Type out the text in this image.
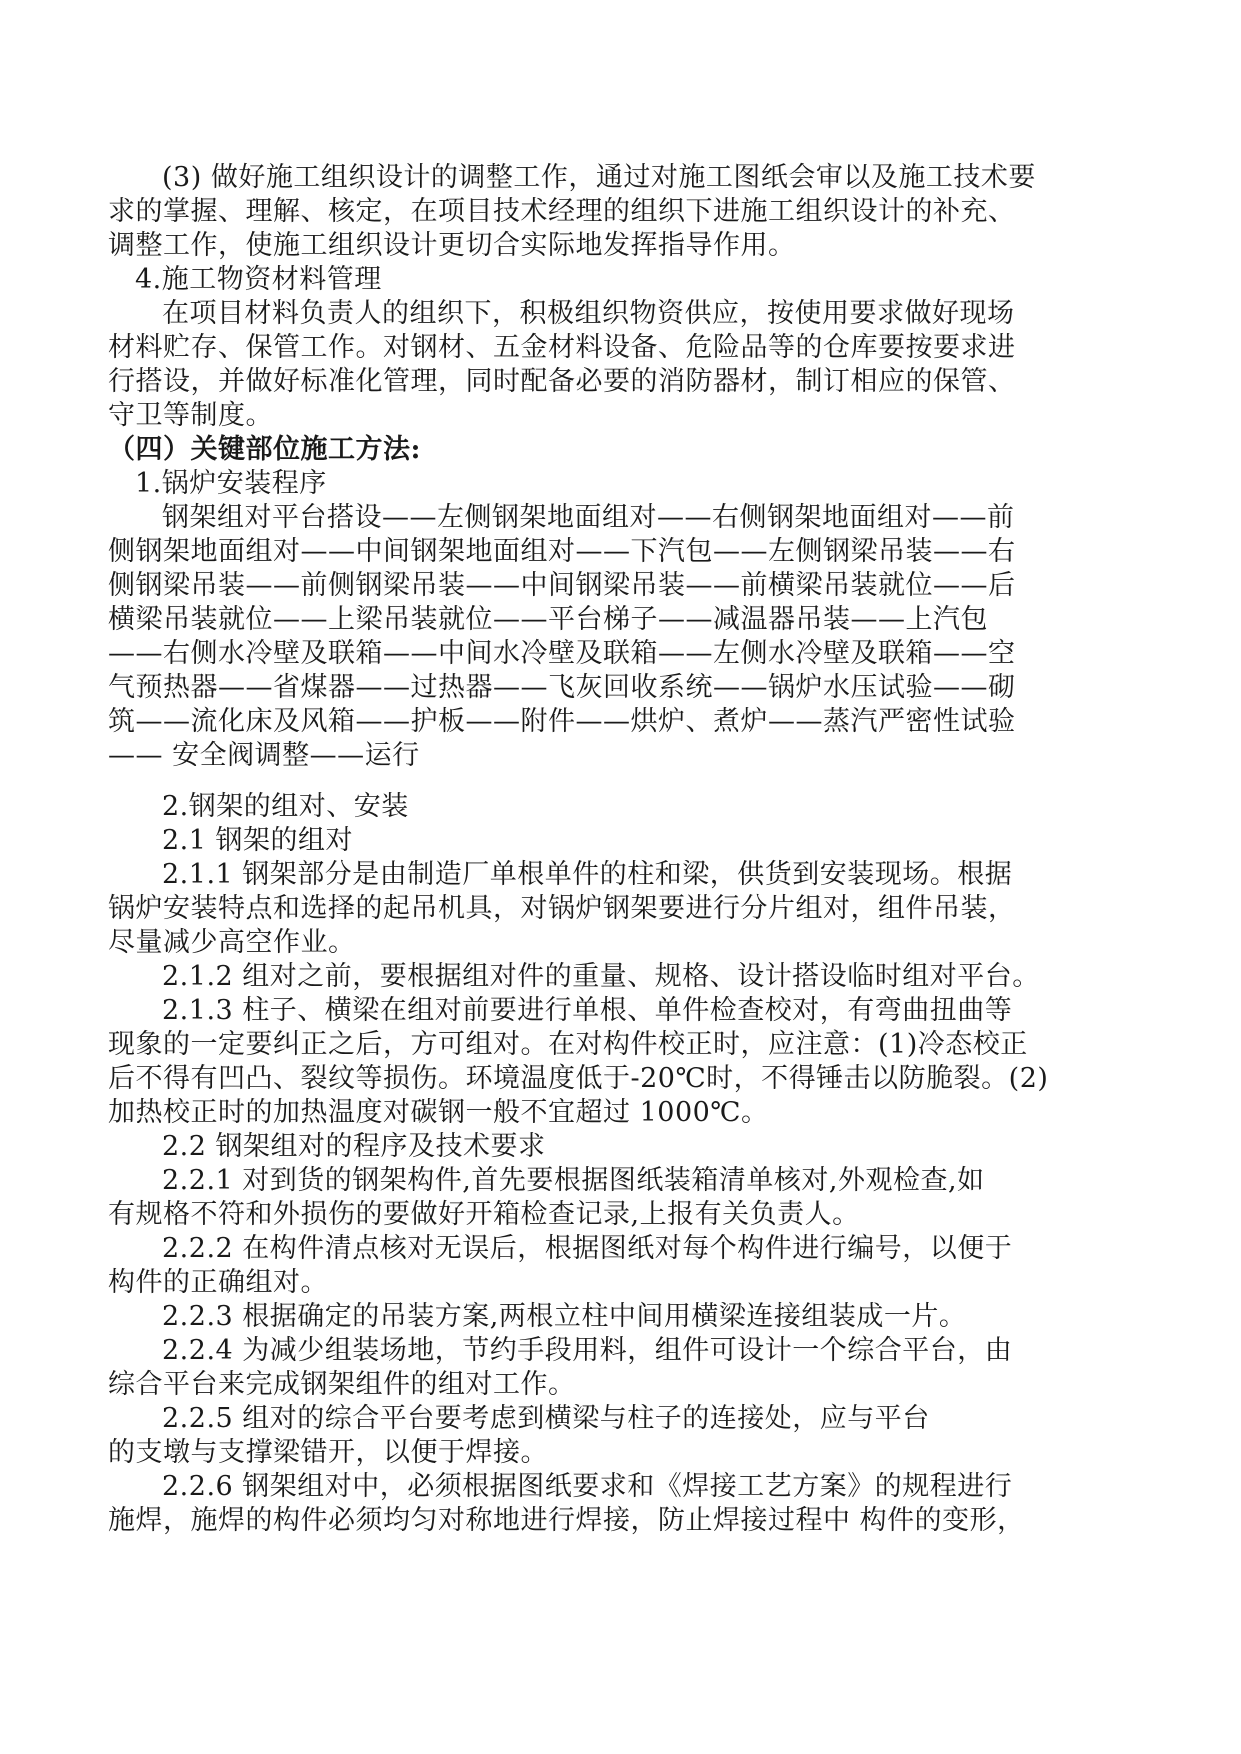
(3) 做好施工组织设计的调整工作，通过对施工图纸会审以及施工技术要
求的掌握、理解、核定，在项目技术经理的组织下进施工组织设计的补充、
调整工作，使施工组织设计更切合实际地发挥指导作用。
4.施工物资材料管理
在项目材料负责人的组织下，积极组织物资供应，按使用要求做好现场
材料贮存、保管工作。对钢材、五金材料设备、危险品等的仓库要按要求进
行搭设，并做好标准化管理，同时配备必要的消防器材，制订相应的保管、
守卫等制度。
（四）关键部位施工方法:
1.锅炉安装程序
钢架组对平台搭设——左侧钢架地面组对——右侧钢架地面组对——前
侧钢架地面组对——中间钢架地面组对——下汽包——左侧钢梁吊装——右
侧钢梁吊装——前侧钢梁吊装——中间钢梁吊装——前横梁吊装就位——后
横梁吊装就位——上梁吊装就位——平台梯子——减温器吊装——上汽包
——右侧水冷壁及联箱——中间水冷壁及联箱——左侧水冷壁及联箱——空
气预热器——省煤器——过热器——飞灰回收系统——锅炉水压试验——砌
筑——流化床及风箱——护板——附件——烘炉、煮炉——蒸汽严密性试验
—— 安全阀调整——运行
2.钢架的组对、安装
2.1 钢架的组对
2.1.1 钢架部分是由制造厂单根单件的柱和梁，供货到安装现场。根据
锅炉安装特点和选择的起吊机具，对锅炉钢架要进行分片组对，组件吊装，
尽量减少高空作业。
2.1.2 组对之前，要根据组对件的重量、规格、设计搭设临时组对平台。
2.1.3 柱子、横梁在组对前要进行单根、单件检查校对，有弯曲扭曲等
现象的一定要纠正之后，方可组对。在对构件校正时，应注意：(1)冷态校正
后不得有凹凸、裂纹等损伤。环境温度低于-20℃时，不得锤击以防脆裂。(2)
加热校正时的加热温度对碳钢一般不宜超过 1000℃。
2.2 钢架组对的程序及技术要求
2.2.1 对到货的钢架构件,首先要根据图纸装箱清单核对,外观检查,如
有规格不符和外损伤的要做好开箱检查记录,上报有关负责人。
2.2.2 在构件清点核对无误后，根据图纸对每个构件进行编号，以便于
构件的正确组对。
2.2.3 根据确定的吊装方案,两根立柱中间用横梁连接组装成一片。
2.2.4 为减少组装场地，节约手段用料，组件可设计一个综合平台，由
综合平台来完成钢架组件的组对工作。
2.2.5 组对的综合平台要考虑到横梁与柱子的连接处，应与平台
的支墩与支撑梁错开，以便于焊接。
2.2.6 钢架组对中，必须根据图纸要求和《焊接工艺方案》的规程进行
施焊，施焊的构件必须均匀对称地进行焊接，防止焊接过程中 构件的变形，
